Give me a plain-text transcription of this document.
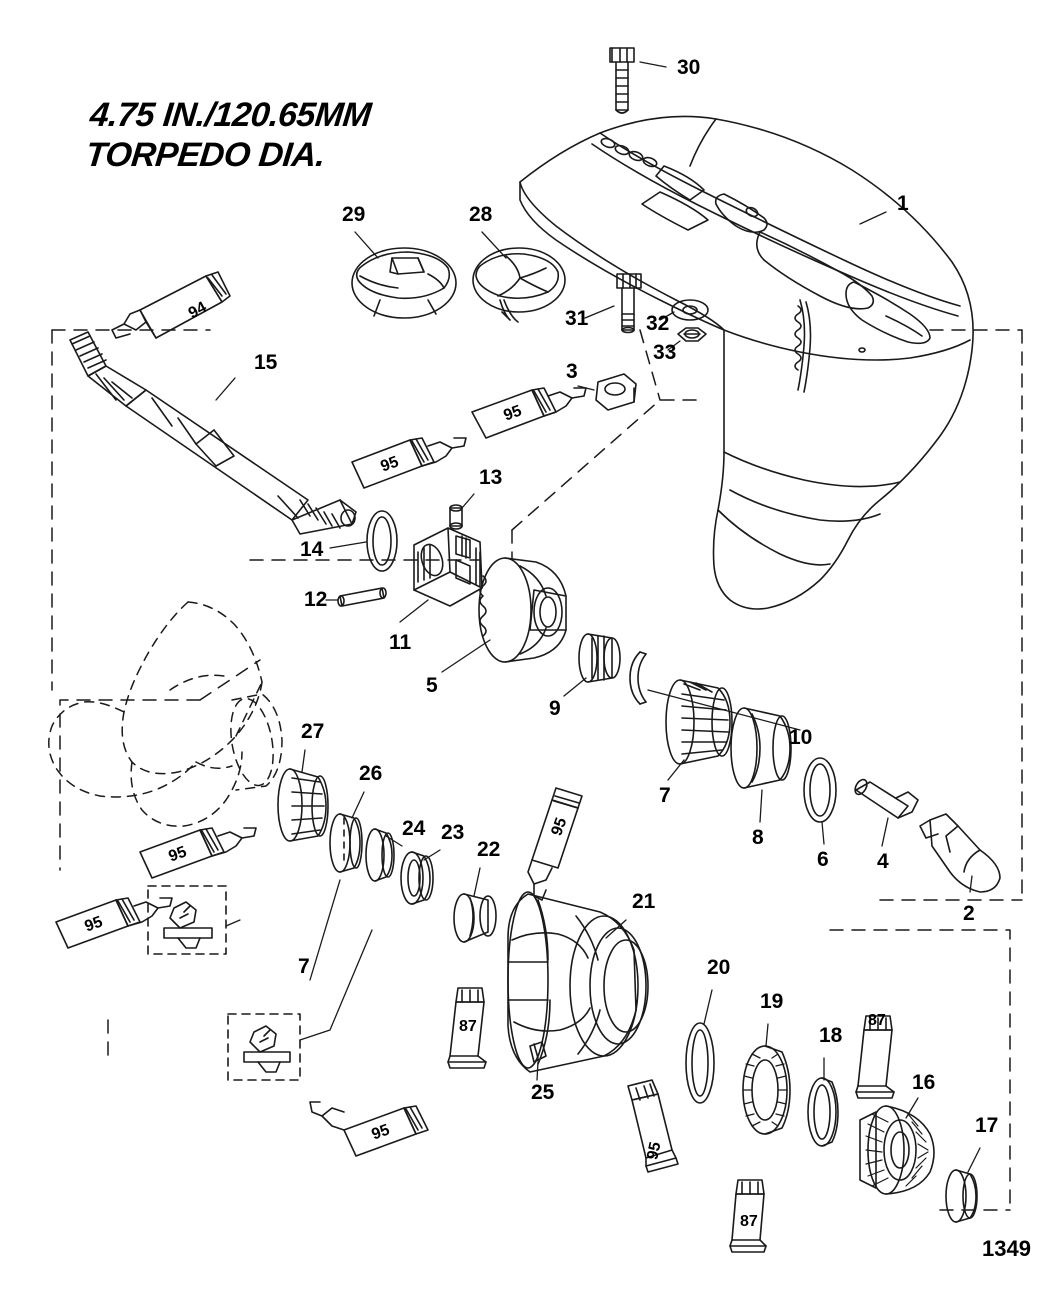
4.75 IN./120.65MM
TORPEDO DIA.
1
2
3
4
5
6
7
8
9
10
11
12
13
14
15
16
17
18
19
20
21
22
23
24
25
26
27
28
29
30
31	32
33
7
94
95
95
95
95
95
95
95
87
87
87
1349
